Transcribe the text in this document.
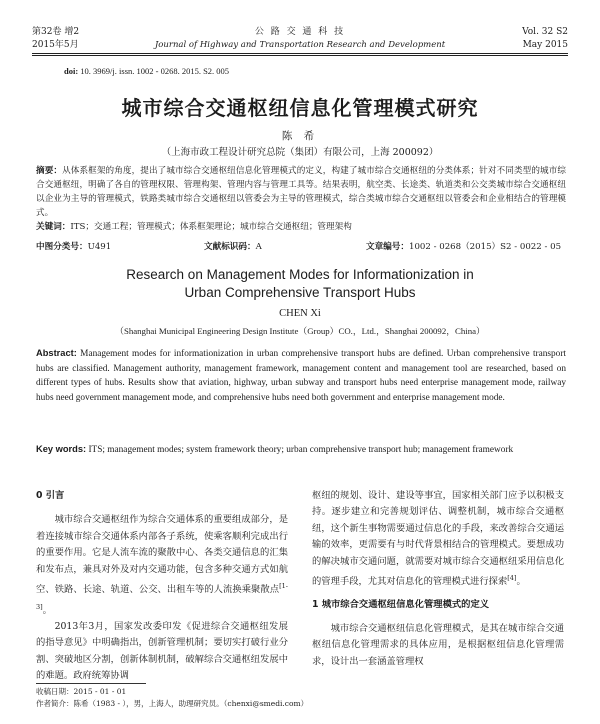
第32卷 增2
2015年5月
公 路 交 通 科 技
Journal of Highway and Transportation Research and Development
Vol. 32 S2
May 2015
doi: 10. 3969/j. issn. 1002 - 0268. 2015. S2. 005
城市综合交通枢纽信息化管理模式研究
陈 希
（上海市政工程设计研究总院（集团）有限公司，上海 200092）
摘要：从体系框架的角度，提出了城市综合交通枢纽信息化管理模式的定义，构建了城市综合交通枢纽的分类体系；针对不同类型的城市综合交通枢纽，明确了各自的管理权限、管理构架、管理内容与管理工具等。结果表明，航空类、长途类、轨道类和公交类城市综合交通枢纽以企业为主导的管理模式，铁路类城市综合交通枢纽以管委会为主导的管理模式，综合类城市综合交通枢纽以管委会和企业相结合的管理模式。
关键词：ITS；交通工程；管理模式；体系框架理论；城市综合交通枢纽；管理架构
中图分类号：U491	文献标识码：A	文章编号：1002 - 0268（2015）S2 - 0022 - 05
Research on Management Modes for Informationization in
Urban Comprehensive Transport Hubs
CHEN Xi
（Shanghai Municipal Engineering Design Institute（Group）CO.，Ltd.，Shanghai 200092，China）
Abstract: Management modes for informationization in urban comprehensive transport hubs are defined. Urban comprehensive transport hubs are classified. Management authority, management framework, management content and management tool are researched, based on different types of hubs. Results show that aviation, highway, urban subway and transport hubs need enterprise management mode, railway hubs need government management mode, and comprehensive hubs need both government and enterprise management mode.
Key words: ITS; management modes; system framework theory; urban comprehensive transport hub; management framework
0 引言

城市综合交通枢纽作为综合交通体系的重要组成部分，是着连接城市综合交通体系内部各子系统，使乘客顺利完成出行的重要作用。它是人流车流的聚散中心、各类交通信息的汇集和发布点，兼具对外及对内交通功能，包含多种交通方式如航空、铁路、长途、轨道、公交、出租车等的人流换乘聚散点[1-3]。

2013年3月，国家发改委印发《促进综合交通枢纽发展的指导意见》中明确指出，创新管理机制；要切实打破行业分割、突破地区分割，创新体制机制，破解综合交通枢纽发展中的难题。政府统筹协调

枢纽的规划、设计、建设等事宜，国家相关部门应予以积极支持。逐步建立和完善规划评估、调整机制，城市综合交通枢纽，这个新生事物需要通过信息化的手段，来改善综合交通运输的效率，更需要有与时代背景相结合的管理模式。要想成功的解决城市交通问题，就需要对城市综合交通枢纽采用信息化的管理手段，尤其对信息化的管理模式进行探索[4]。

1 城市综合交通枢纽信息化管理模式的定义

城市综合交通枢纽信息化管理模式，是其在城市综合交通枢纽信息化管理需求的具体应用，是根据枢纽信息化管理需求，设计出一套涵盖管理权

收稿日期：2015 - 01 - 01
作者简介：陈希（1983 - ），男，上海人，助理研究员。（chenxi@smedi.com）
